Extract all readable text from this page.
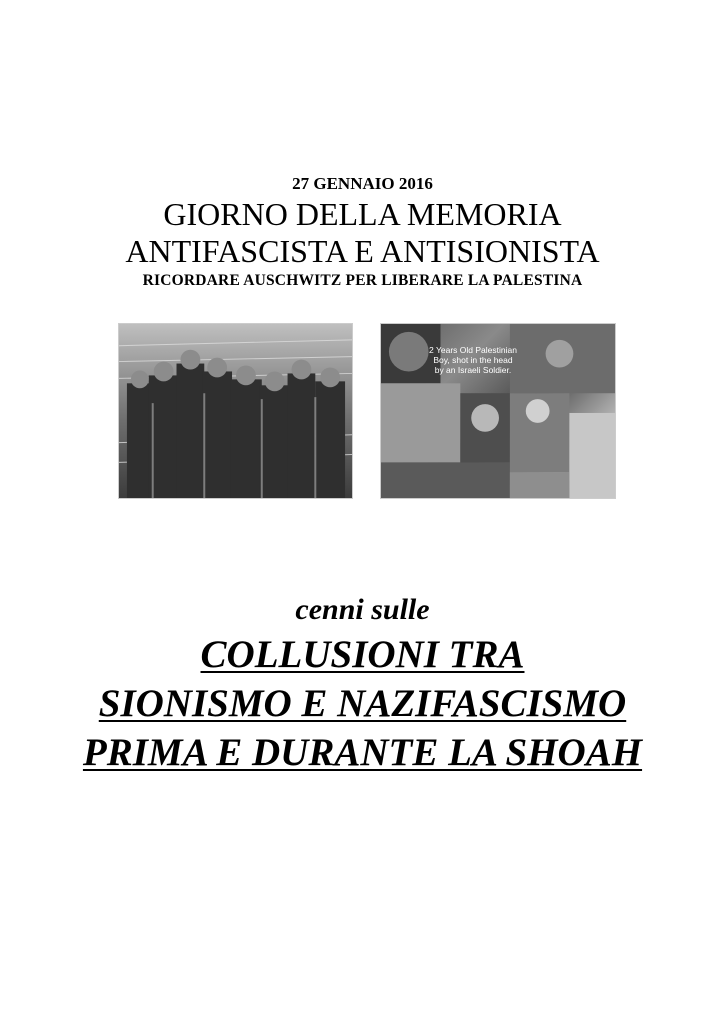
27 GENNAIO 2016
GIORNO DELLA MEMORIA
ANTIFASCISTA E ANTISIONISTA
RICORDARE AUSCHWITZ PER LIBERARE LA PALESTINA
2 Years Old Palestinian Boy, shot in the head by an Israeli Soldier.
cenni sulle
COLLUSIONI TRA
SIONISMO E NAZIFASCISMO
PRIMA E DURANTE LA SHOAH
